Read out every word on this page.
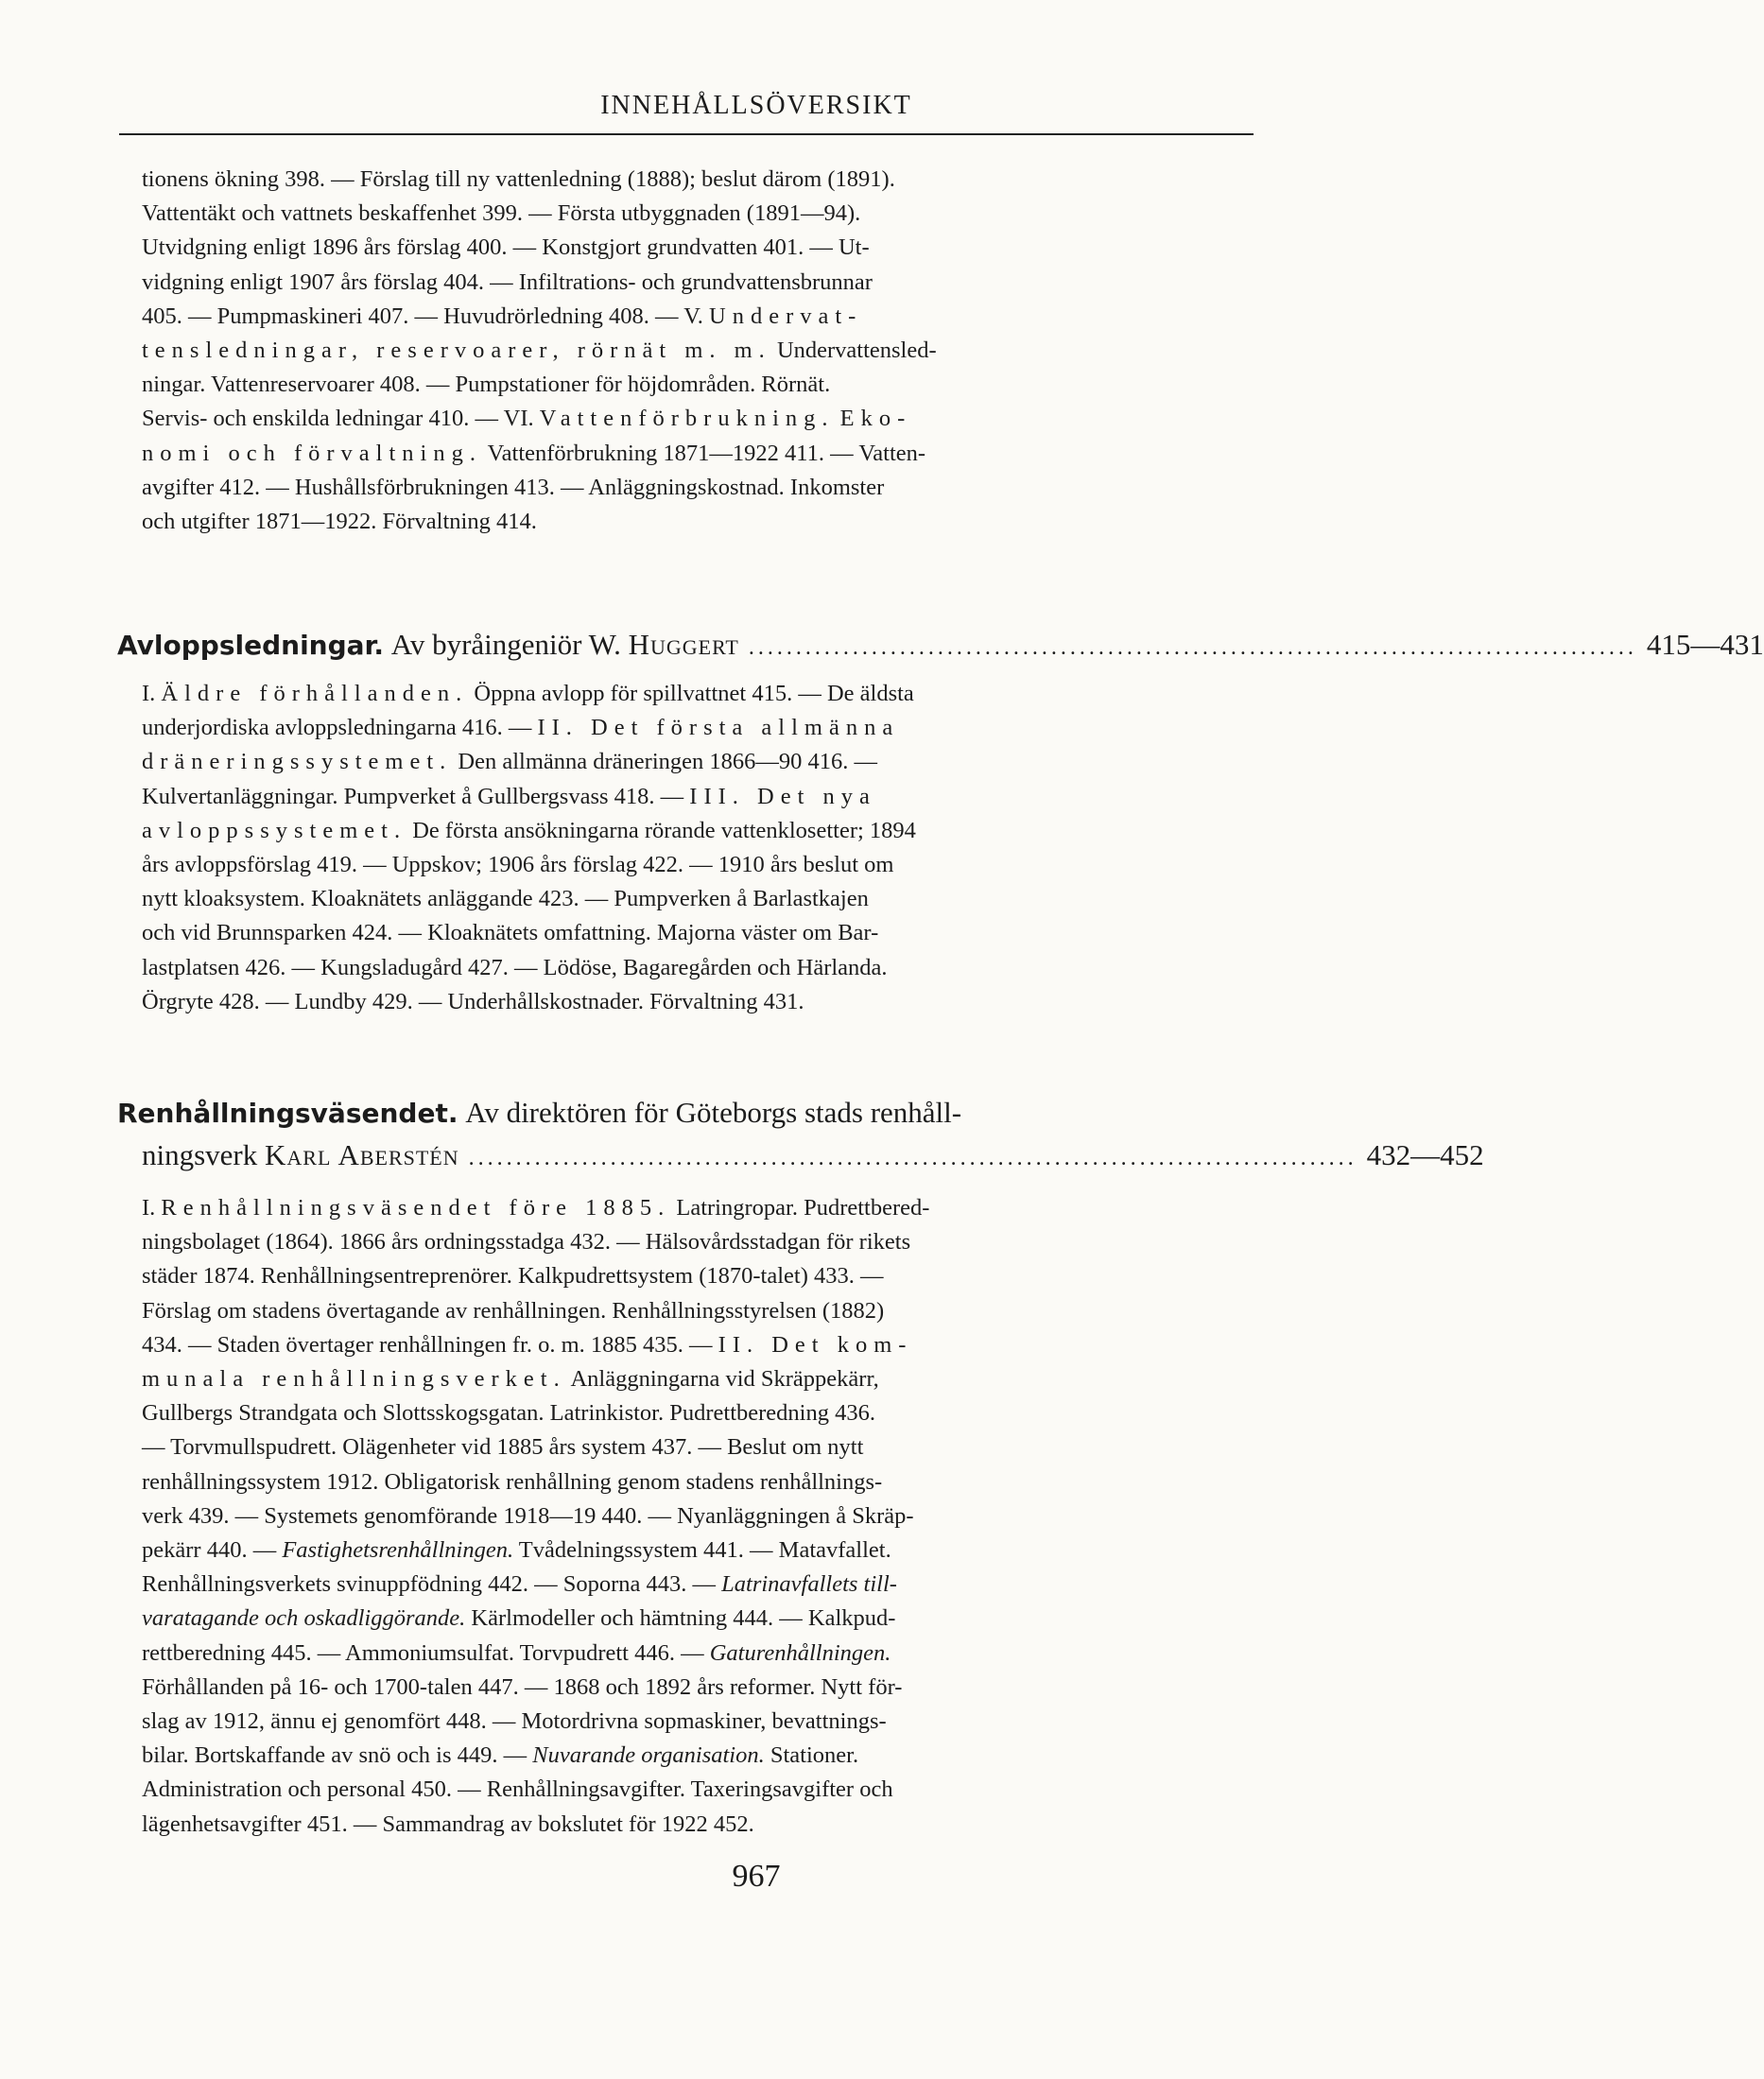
INNEHÅLLSÖVERSIKT
tionens ökning 398. — Förslag till ny vattenledning (1888); beslut därom (1891).
Vattentäkt och vattnets beskaffenhet 399. — Första utbyggnaden (1891—94).
Utvidgning enligt 1896 års förslag 400. — Konstgjort grundvatten 401. — Ut-
vidgning enligt 1907 års förslag 404. — Infiltrations- och grundvattensbrunnar
405. — Pumpmaskineri 407. — Huvudrörledning 408. — V. Undervat-
tensledningar, reservoarer, rörnät m. m. Undervattensled-
ningar. Vattenreservoarer 408. — Pumpstationer för höjdområden. Rörnät.
Servis- och enskilda ledningar 410. — VI. Vattenförbrukning. Eko-
nomi och förvaltning. Vattenförbrukning 1871—1922 411. — Vatten-
avgifter 412. — Hushållsförbrukningen 413. — Anläggningskostnad. Inkomster
och utgifter 1871—1922. Förvaltning 414.
Avloppsledningar.
Av byråingeniör W.
Huggert .............................................................................................. 415—431
I. Äldre förhållanden. Öppna avlopp för spillvattnet 415. — De äldsta
underjordiska avloppsledningarna 416. — II. Det första allmänna
dräneringssystemet. Den allmänna dräneringen 1866—90 416. —
Kulvertanläggningar. Pumpverket å Gullbergsvass 418. — III. Det nya
avloppssystemet. De första ansökningarna rörande vattenklosetter; 1894
års avloppsförslag 419. — Uppskov; 1906 års förslag 422. — 1910 års beslut om
nytt kloaksystem. Kloaknätets anläggande 423. — Pumpverken å Barlastkajen
och vid Brunnsparken 424. — Kloaknätets omfattning. Majorna väster om Bar-
lastplatsen 426. — Kungsladugård 427. — Lödöse, Bagaregården och Härlanda.
Örgryte 428. — Lundby 429. — Underhållskostnader. Förvaltning 431.
Renhållningsväsendet.
Av direktören för Göteborgs stads renhåll-
ningsverk
Karl Aberstén .............................................................................................. 432—452
I. Renhållningsväsendet före 1885. Latringropar. Pudrettbered-
ningsbolaget (1864). 1866 års ordningsstadga 432. — Hälsovårdsstadgan för rikets
städer 1874. Renhållningsentreprenörer. Kalkpudrettsystem (1870-talet) 433. —
Förslag om stadens övertagande av renhållningen. Renhållningsstyrelsen (1882)
434. — Staden övertager renhållningen fr. o. m. 1885 435. — II. Det kom-
munala renhållningsverket. Anläggningarna vid Skräppekärr,
Gullbergs Strandgata och Slottsskogsgatan. Latrinkistor. Pudrettberedning 436.
— Torvmullspudrett. Olägenheter vid 1885 års system 437. — Beslut om nytt
renhållningssystem 1912. Obligatorisk renhållning genom stadens renhållnings-
verk 439. — Systemets genomförande 1918—19 440. — Nyanläggningen å Skräp-
pekärr 440. — Fastighetsrenhållningen. Tvådelningssystem 441. — Matavfallet.
Renhållningsverkets svinuppfödning 442. — Soporna 443. — Latrinavfallets till-
varatagande och oskadliggörande. Kärlmodeller och hämtning 444. — Kalkpud-
rettberedning 445. — Ammoniumsulfat. Torvpudrett 446. — Gaturenhållningen.
Förhållanden på 16- och 1700-talen 447. — 1868 och 1892 års reformer. Nytt för-
slag av 1912, ännu ej genomfört 448. — Motordrivna sopmaskiner, bevattnings-
bilar. Bortskaffande av snö och is 449. — Nuvarande organisation. Stationer.
Administration och personal 450. — Renhållningsavgifter. Taxeringsavgifter och
lägenhetsavgifter 451. — Sammandrag av bokslutet för 1922 452.
967
